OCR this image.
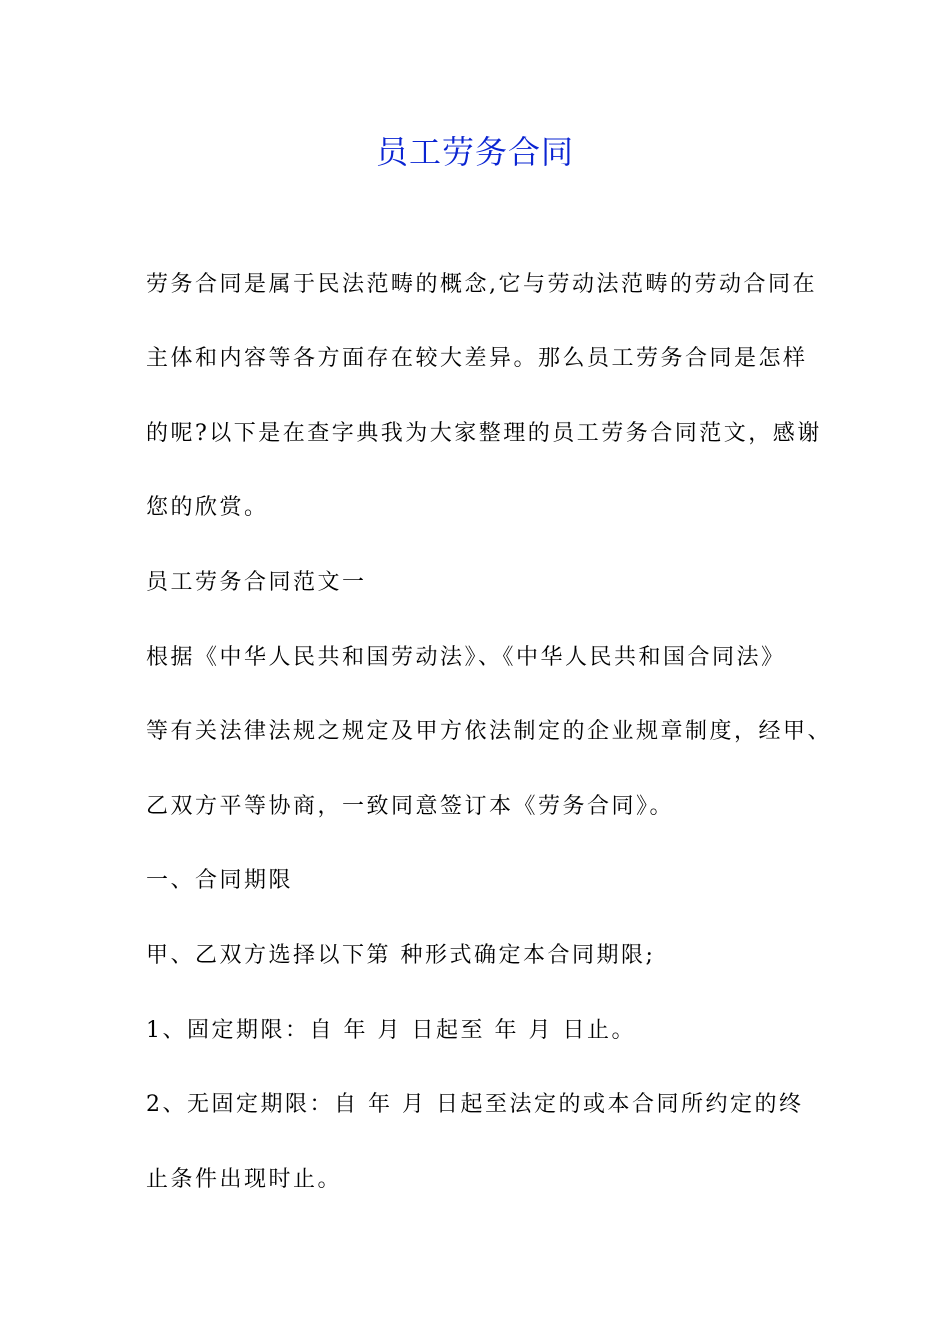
员工劳务合同
劳务合同是属于民法范畴的概念,它与劳动法范畴的劳动合同在
主体和内容等各方面存在较大差异。那么员工劳务合同是怎样
的呢?以下是在查字典我为大家整理的员工劳务合同范文，感谢
您的欣赏。
员工劳务合同范文一
根据《中华人民共和国劳动法》、《中华人民共和国合同法》
等有关法律法规之规定及甲方依法制定的企业规章制度，经甲、
乙双方平等协商，一致同意签订本《劳务合同》。
一、合同期限
甲、乙双方选择以下第 种形式确定本合同期限;
1、固定期限：自 年 月 日起至 年 月 日止。
2、无固定期限：自 年 月 日起至法定的或本合同所约定的终
止条件出现时止。
